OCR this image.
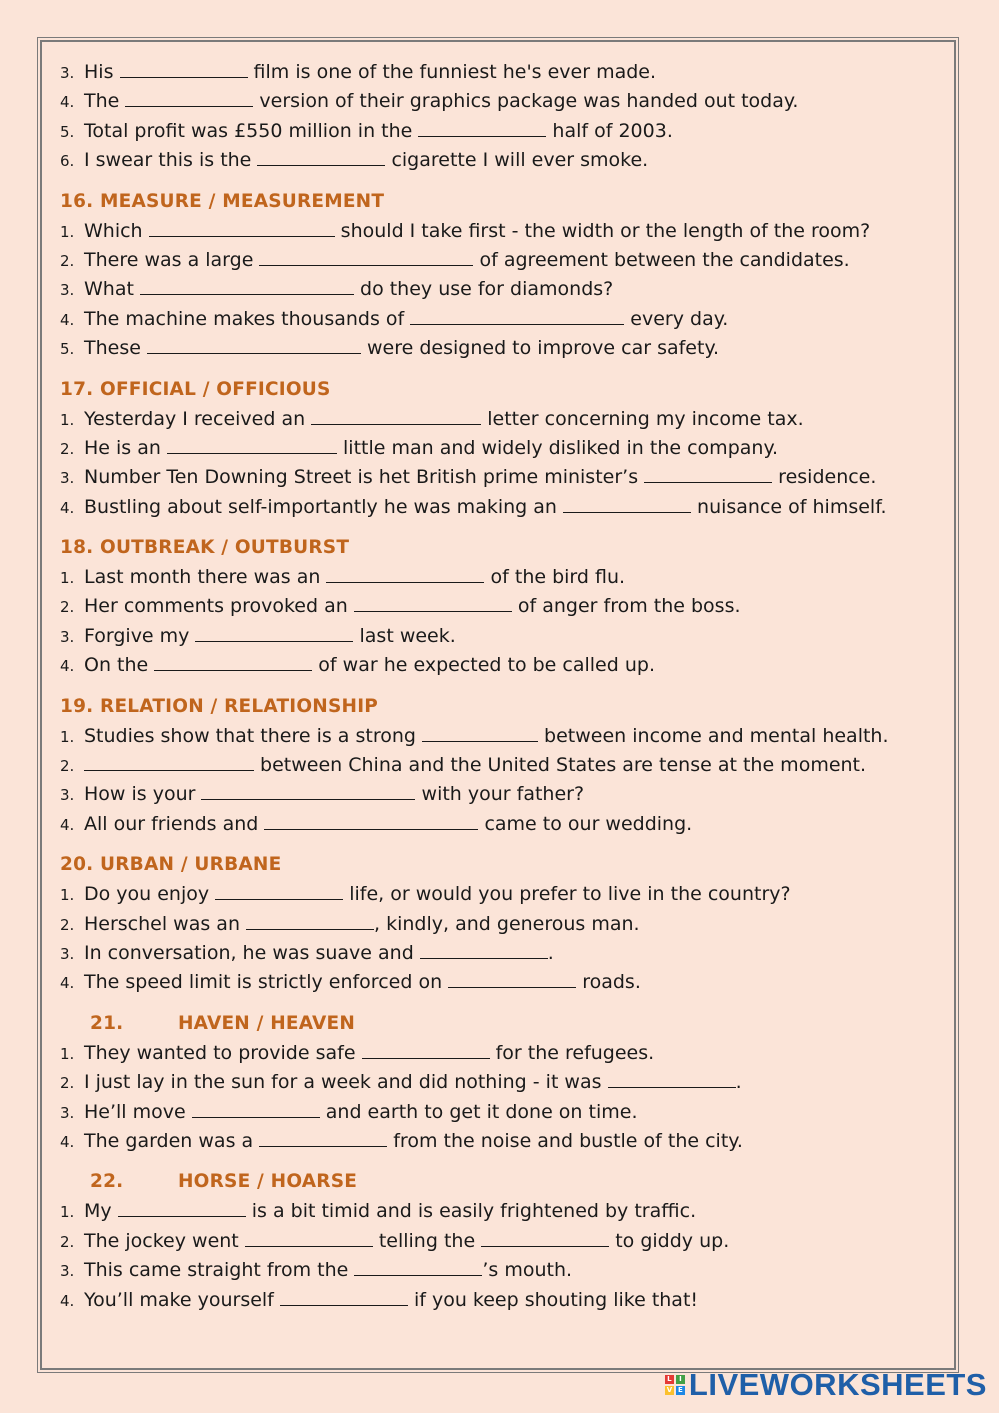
3. His	film is one of the funniest he's ever made.
4. The	version of their graphics package was handed out today.
5. Total profit was £550 million in the	half of 2003.
6. I swear this is the	cigarette I will ever smoke.
16. MEASURE / MEASUREMENT
1. Which	should I take first - the width or the length of the room?
2. There was a large	of agreement between the candidates.
3. What	do they use for diamonds?
4. The machine makes thousands of	every day.
5. These	were designed to improve car safety.
17. OFFICIAL / OFFICIOUS
1. Yesterday I received an	letter concerning my income tax.
2. He is an	little man and widely disliked in the company.
3. Number Ten Downing Street is het British prime minister’s	residence.
4. Bustling about self-importantly he was making an	nuisance of himself.
18. OUTBREAK / OUTBURST
1. Last month there was an	of the bird flu.
2. Her comments provoked an	of anger from the boss.
3. Forgive my	last week.
4. On the	of war he expected to be called up.
19. RELATION / RELATIONSHIP
1. Studies show that there is a strong	between income and mental health.
2.	between China and the United States are tense at the moment.
3. How is your	with your father?
4. All our friends and	came to our wedding.
20. URBAN / URBANE
1. Do you enjoy	life, or would you prefer to live in the country?
2. Herschel was an	, kindly, and generous man.
3. In conversation, he was suave and	.
4. The speed limit is strictly enforced on	roads.
21.	HAVEN / HEAVEN
1. They wanted to provide safe	for the refugees.
2. I just lay in the sun for a week and did nothing - it was	.
3. He’ll move	and earth to get it done on time.
4. The garden was a	from the noise and bustle of the city.
22.	HORSE / HOARSE
1. My	is a bit timid and is easily frightened by traffic.
2. The jockey went	telling the	to giddy up.
3. This came straight from the	’s mouth.
4. You’ll make yourself	if you keep shouting like that!
L	I
V E LIVEWORKSHEETS
